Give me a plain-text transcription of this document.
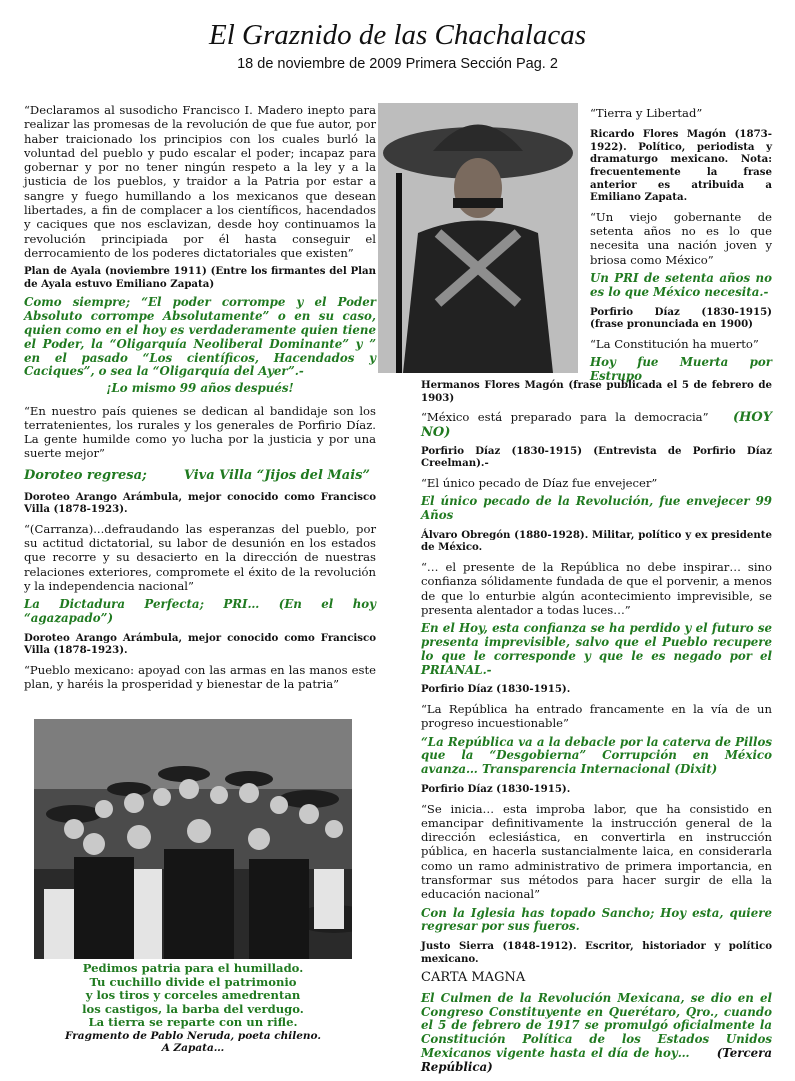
El Graznido de las Chachalacas
18 de noviembre de 2009 Primera Sección Pag. 2

“Declaramos al susodicho Francisco I. Madero inepto para realizar las promesas de la revolución de que fue autor, por haber traicionado los principios con los cuales burló la voluntad del pueblo y pudo escalar el poder; incapaz para gobernar y por no tener ningún respeto a la ley y a la justicia de los pueblos, y traidor a la Patria por estar a sangre y fuego humillando a los mexicanos que desean libertades, a fin de complacer a los científicos, hacendados y caciques que nos esclavizan, desde hoy continuamos la revolución principiada por él hasta conseguir el derrocamiento de los poderes dictatoriales que existen”

Plan de Ayala (noviembre 1911) (Entre los firmantes del Plan de Ayala estuvo Emiliano Zapata)

Como siempre; “El poder corrompe y el Poder Absoluto corrompe Absolutamente” o en su caso, quien como en el hoy es verdaderamente quien tiene el Poder, la “Oligarquía Neoliberal Dominante” y ” en el pasado “Los científicos, Hacendados y Caciques”, o sea la “Oligarquía del Ayer”.-

¡Lo mismo 99 años después!

“En nuestro país quienes se dedican al bandidaje son los terratenientes, los rurales y los generales de Porfirio Díaz. La gente humilde como yo lucha por la justicia y por una suerte mejor”

Doroteo regresa;	Viva Villa “Jijos del Mais”

Doroteo Arango Arámbula, mejor conocido como Francisco Villa (1878-1923).

“(Carranza)...defraudando las esperanzas del pueblo, por su actitud dictatorial, su labor de desunión en los estados que recorre y su desacierto en la dirección de nuestras relaciones exteriores, compromete el éxito de la revolución y la independencia nacional”

La Dictadura Perfecta; PRI… (En el hoy “agazapado”)

Doroteo Arango Arámbula, mejor conocido como Francisco Villa (1878-1923).

“Pueblo mexicano: apoyad con las armas en las manos este plan, y haréis la prosperidad y bienestar de la patria”

Pedimos patria para el humillado.
Tu cuchillo divide el patrimonio
y los tiros y corceles amedrentan
los castigos, la barba del verdugo.
La tierra se reparte con un rifle.
Fragmento de Pablo Neruda, poeta chileno.
A Zapata…

“Tierra y Libertad”

Ricardo Flores Magón (1873-1922). Político, periodista y dramaturgo mexicano. Nota: frecuentemente la frase anterior es atribuida a Emiliano Zapata.

“Un viejo gobernante de setenta años no es lo que necesita una nación joven y briosa como México”

Un PRI de setenta años no es lo que México necesita.-

Porfirio Díaz (1830-1915) (frase pronunciada en 1900)

“La Constitución ha muerto”

Hoy fue Muerta por Estrupo

Hermanos Flores Magón (frase publicada el 5 de febrero de 1903)

“México está preparado para la democracia” (HOY NO)

Porfirio Díaz (1830-1915) (Entrevista de Porfirio Díaz Creelman).-

“El único pecado de Díaz fue envejecer”

El único pecado de la Revolución, fue envejecer 99 Años

Álvaro Obregón (1880-1928). Militar, político y ex presidente de México.

“… el presente de la República no debe inspirar… sino confianza sólidamente fundada de que el porvenir, a menos de que lo enturbie algún acontecimiento imprevisible, se presenta alentador a todas luces…”

En el Hoy, esta confianza se ha perdido y el futuro se presenta imprevisible, salvo que el Pueblo recupere lo que le corresponde y que le es negado por el PRIANAL.-

Porfirio Díaz (1830-1915).

“La República ha entrado francamente en la vía de un progreso incuestionable”

“La República va a la debacle por la caterva de Pillos que la “Desgobierna” Corrupción en México avanza… Transparencia Internacional (Dixit)

Porfirio Díaz (1830-1915).

“Se inicia… esta improba labor, que ha consistido en emancipar definitivamente la instrucción general de la dirección eclesiástica, en convertirla en instrucción pública, en hacerla sustancialmente laica, en considerarla como un ramo administrativo de primera importancia, en transformar sus métodos para hacer surgir de ella la educación nacional”

Con la Iglesia has topado Sancho; Hoy esta, quiere regresar por sus fueros.

Justo Sierra (1848-1912). Escritor, historiador y político mexicano.

CARTA MAGNA

El Culmen de la Revolución Mexicana, se dio en el Congreso Constituyente en Querétaro, Qro., cuando el 5 de febrero de 1917 se promulgó oficialmente la Constitución Política de los Estados Unidos Mexicanos vigente hasta el día de hoy… (Tercera República)
